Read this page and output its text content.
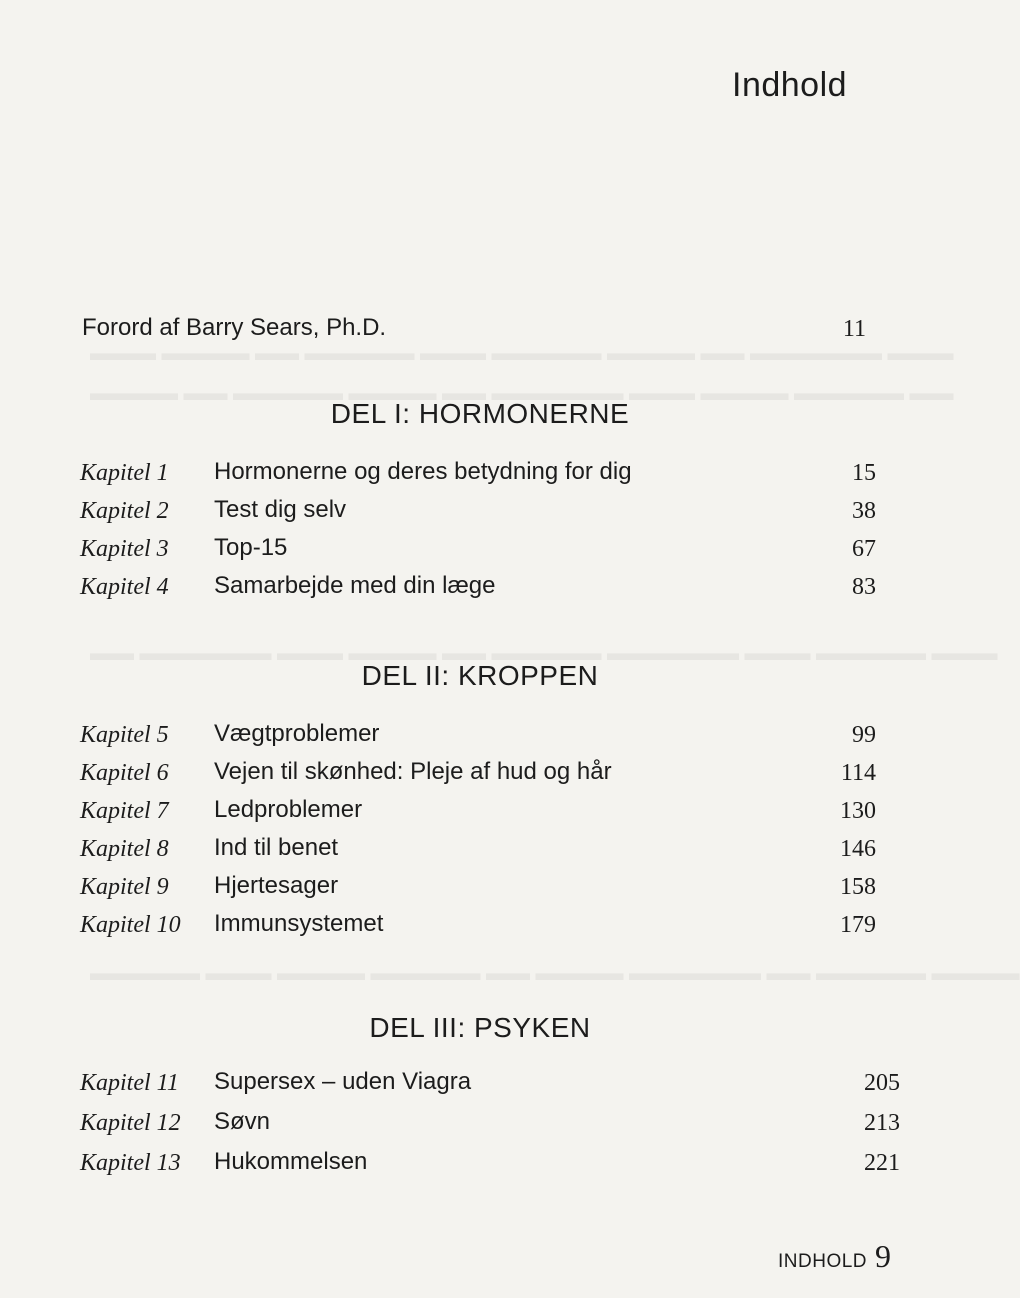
▬▬▬ ▬▬▬▬ ▬▬ ▬▬▬▬▬ ▬▬▬ ▬▬▬▬▬ ▬▬▬▬ ▬▬ ▬▬▬▬▬▬ ▬▬▬
▬▬▬▬ ▬▬ ▬▬▬▬▬ ▬▬▬▬ ▬▬ ▬▬▬▬▬▬ ▬▬▬ ▬▬▬▬ ▬▬▬▬▬ ▬▬
▬▬ ▬▬▬▬▬▬ ▬▬▬ ▬▬▬▬ ▬▬ ▬▬▬▬▬ ▬▬▬▬▬▬ ▬▬▬ ▬▬▬▬▬ ▬▬▬
▬▬▬▬▬ ▬▬▬ ▬▬▬▬ ▬▬▬▬▬ ▬▬ ▬▬▬▬ ▬▬▬▬▬▬ ▬▬ ▬▬▬▬▬ ▬▬▬▬
Indhold
Forord af Barry Sears, Ph.D.	11
DEL I: HORMONERNE
Kapitel 1 Hormonerne og deres betydning for dig	15
Kapitel 2 Test dig selv	38
Kapitel 3 Top-15	67
Kapitel 4 Samarbejde med din læge	83
DEL II: KROPPEN
Kapitel 5 Vægtproblemer	99
Kapitel 6 Vejen til skønhed: Pleje af hud og hår	114
Kapitel 7 Ledproblemer	130
Kapitel 8 Ind til benet	146
Kapitel 9 Hjertesager	158
Kapitel 10 Immunsystemet	179
DEL III: PSYKEN
Kapitel 11 Supersex – uden Viagra	205
Kapitel 12 Søvn	213
Kapitel 13 Hukommelsen	221
INDHOLD 9
